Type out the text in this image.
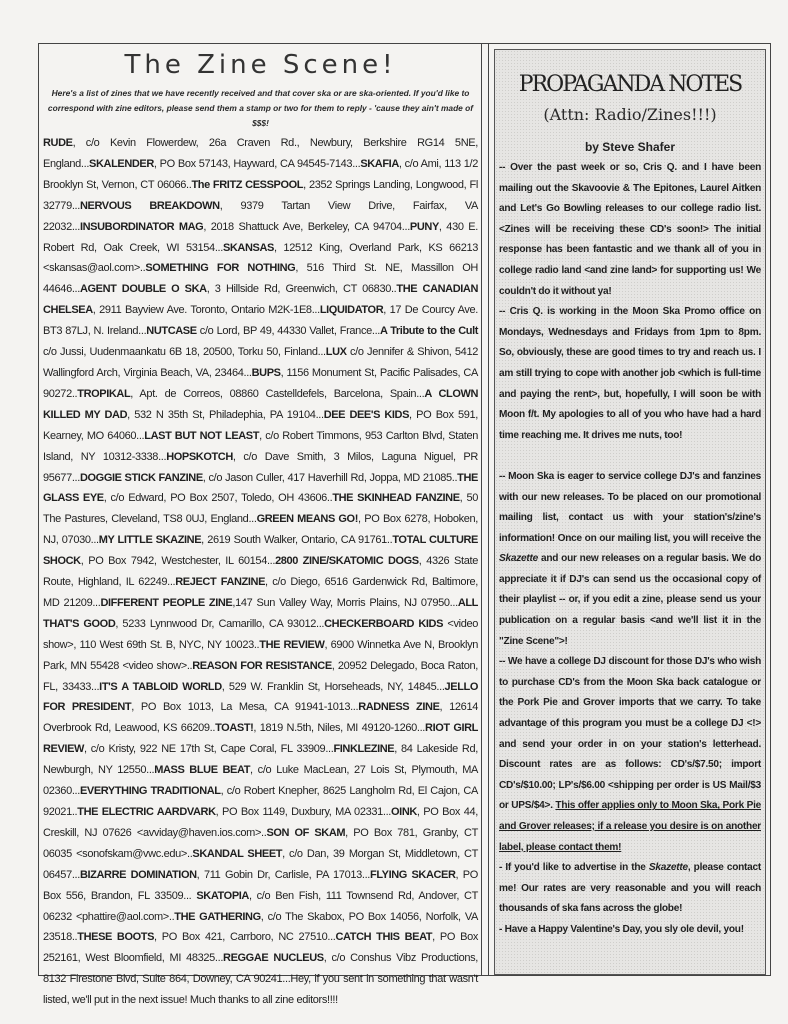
The Zine Scene!
Here's a list of zines that we have recently received and that cover ska or are ska-oriented. If you'd like to correspond with zine editors, please send them a stamp or two for them to reply - 'cause they ain't made of $$$!
RUDE, c/o Kevin Flowerdew, 26a Craven Rd., Newbury, Berkshire RG14 5NE, England...SKALENDER, PO Box 57143, Hayward, CA 94545-7143...SKAFIA, c/o Ami, 113 1/2 Brooklyn St, Vernon, CT 06066..The FRITZ CESSPOOL, 2352 Springs Landing, Longwood, Fl 32779...NERVOUS BREAKDOWN, 9379 Tartan View Drive, Fairfax, VA 22032...INSUBORDINATOR MAG, 2018 Shattuck Ave, Berkeley, CA 94704...PUNY, 430 E. Robert Rd, Oak Creek, WI 53154...SKANSAS, 12512 King, Overland Park, KS 66213 <skansas@aol.com>..SOMETHING FOR NOTHING, 516 Third St. NE, Massillon OH 44646...AGENT DOUBLE O SKA, 3 Hillside Rd, Greenwich, CT 06830..THE CANADIAN CHELSEA, 2911 Bayview Ave. Toronto, Ontario M2K-1E8...LIQUIDATOR, 17 De Courcy Ave. BT3 87LJ, N. Ireland...NUTCASE c/o Lord, BP 49, 44330 Vallet, France...A Tribute to the Cult c/o Jussi, Uudenmaankatu 6B 18, 20500, Torku 50, Finland...LUX c/o Jennifer & Shivon, 5412 Wallingford Arch, Virginia Beach, VA, 23464...BUPS, 1156 Monument St, Pacific Palisades, CA 90272..TROPIKAL, Apt. de Correos, 08860 Castelldefels, Barcelona, Spain...A CLOWN KILLED MY DAD, 532 N 35th St, Philadephia, PA 19104...DEE DEE'S KIDS, PO Box 591, Kearney, MO 64060...LAST BUT NOT LEAST, c/o Robert Timmons, 953 Carlton Blvd, Staten Island, NY 10312-3338...HOPSKOTCH, c/o Dave Smith, 3 Milos, Laguna Niguel, PR 95677...DOGGIE STICK FANZINE, c/o Jason Culler, 417 Haverhill Rd, Joppa, MD 21085..THE GLASS EYE, c/o Edward, PO Box 2507, Toledo, OH 43606..THE SKINHEAD FANZINE, 50 The Pastures, Cleveland, TS8 0UJ, England...GREEN MEANS GO!, PO Box 6278, Hoboken, NJ, 07030...MY LITTLE SKAZINE, 2619 South Walker, Ontario, CA 91761..TOTAL CULTURE SHOCK, PO Box 7942, Westchester, IL 60154...2800 ZINE/SKATOMIC DOGS, 4326 State Route, Highland, IL 62249...REJECT FANZINE, c/o Diego, 6516 Gardenwick Rd, Baltimore, MD 21209...DIFFERENT PEOPLE ZINE,147 Sun Valley Way, Morris Plains, NJ 07950...ALL THAT'S GOOD, 5233 Lynnwood Dr, Camarillo, CA 93012...CHECKERBOARD KIDS <video show>, 110 West 69th St. B, NYC, NY 10023..THE REVIEW, 6900 Winnetka Ave N, Brooklyn Park, MN 55428 <video show>..REASON FOR RESISTANCE, 20952 Delegado, Boca Raton, FL, 33433...IT'S A TABLOID WORLD, 529 W. Franklin St, Horseheads, NY, 14845...JELLO FOR PRESIDENT, PO Box 1013, La Mesa, CA 91941-1013...RADNESS ZINE, 12614 Overbrook Rd, Leawood, KS 66209..TOAST!, 1819 N.5th, Niles, MI 49120-1260...RIOT GIRL REVIEW, c/o Kristy, 922 NE 17th St, Cape Coral, FL 33909...FINKLEZINE, 84 Lakeside Rd, Newburgh, NY 12550...MASS BLUE BEAT, c/o Luke MacLean, 27 Lois St, Plymouth, MA 02360...EVERYTHING TRADITIONAL, c/o Robert Knepher, 8625 Langholm Rd, El Cajon, CA 92021..THE ELECTRIC AARDVARK, PO Box 1149, Duxbury, MA 02331...OINK, PO Box 44, Creskill, NJ 07626 <avviday@haven.ios.com>..SON OF SKAM, PO Box 781, Granby, CT 06035 <sonofskam@vwc.edu>..SKANDAL SHEET, c/o Dan, 39 Morgan St, Middletown, CT 06457...BIZARRE DOMINATION, 711 Gobin Dr, Carlisle, PA 17013...FLYING SKACER, PO Box 556, Brandon, FL 33509... SKATOPIA, c/o Ben Fish, 111 Townsend Rd, Andover, CT 06232 <phattire@aol.com>..THE GATHERING, c/o The Skabox, PO Box 14056, Norfolk, VA 23518..THESE BOOTS, PO Box 421, Carrboro, NC 27510...CATCH THIS BEAT, PO Box 252161, West Bloomfield, MI 48325...REGGAE NUCLEUS, c/o Conshus Vibz Productions, 8132 Firestone Blvd, Suite 864, Downey, CA 90241...Hey, if you sent in something that wasn't listed, we'll put in the next issue! Much thanks to all zine editors!!!!
PROPAGANDA NOTES
(Attn: Radio/Zines!!!)
by Steve Shafer

-- Over the past week or so, Cris Q. and I have been mailing out the Skavoovie & The Epitones, Laurel Aitken and Let's Go Bowling releases to our college radio list. <Zines will be receiving these CD's soon!> The initial response has been fantastic and we thank all of you in college radio land <and zine land> for supporting us! We couldn't do it without ya!

-- Cris Q. is working in the Moon Ska Promo office on Mondays, Wednesdays and Fridays from 1pm to 8pm. So, obviously, these are good times to try and reach us. I am still trying to cope with another job <which is full-time and paying the rent>, but, hopefully, I will soon be with Moon f/t. My apologies to all of you who have had a hard time reaching me. It drives me nuts, too!

-- Moon Ska is eager to service college DJ's and fanzines with our new releases. To be placed on our promotional mailing list, contact us with your station's/zine's information! Once on our mailing list, you will receive the Skazette and our new releases on a regular basis. We do appreciate it if DJ's can send us the occasional copy of their playlist -- or, if you edit a zine, please send us your publication on a regular basis <and we'll list it in the "Zine Scene">!

-- We have a college DJ discount for those DJ's who wish to purchase CD's from the Moon Ska back catalogue or the Pork Pie and Grover imports that we carry. To take advantage of this program you must be a college DJ <!> and send your order in on your station's letterhead. Discount rates are as follows: CD's/$7.50; import CD's/$10.00; LP's/$6.00 <shipping per order is US Mail/$3 or UPS/$4>. This offer applies only to Moon Ska, Pork Pie and Grover releases; if a release you desire is on another label, please contact them!

- If you'd like to advertise in the Skazette, please contact me! Our rates are very reasonable and you will reach thousands of ska fans across the globe!

- Have a Happy Valentine's Day, you sly ole devil, you!
